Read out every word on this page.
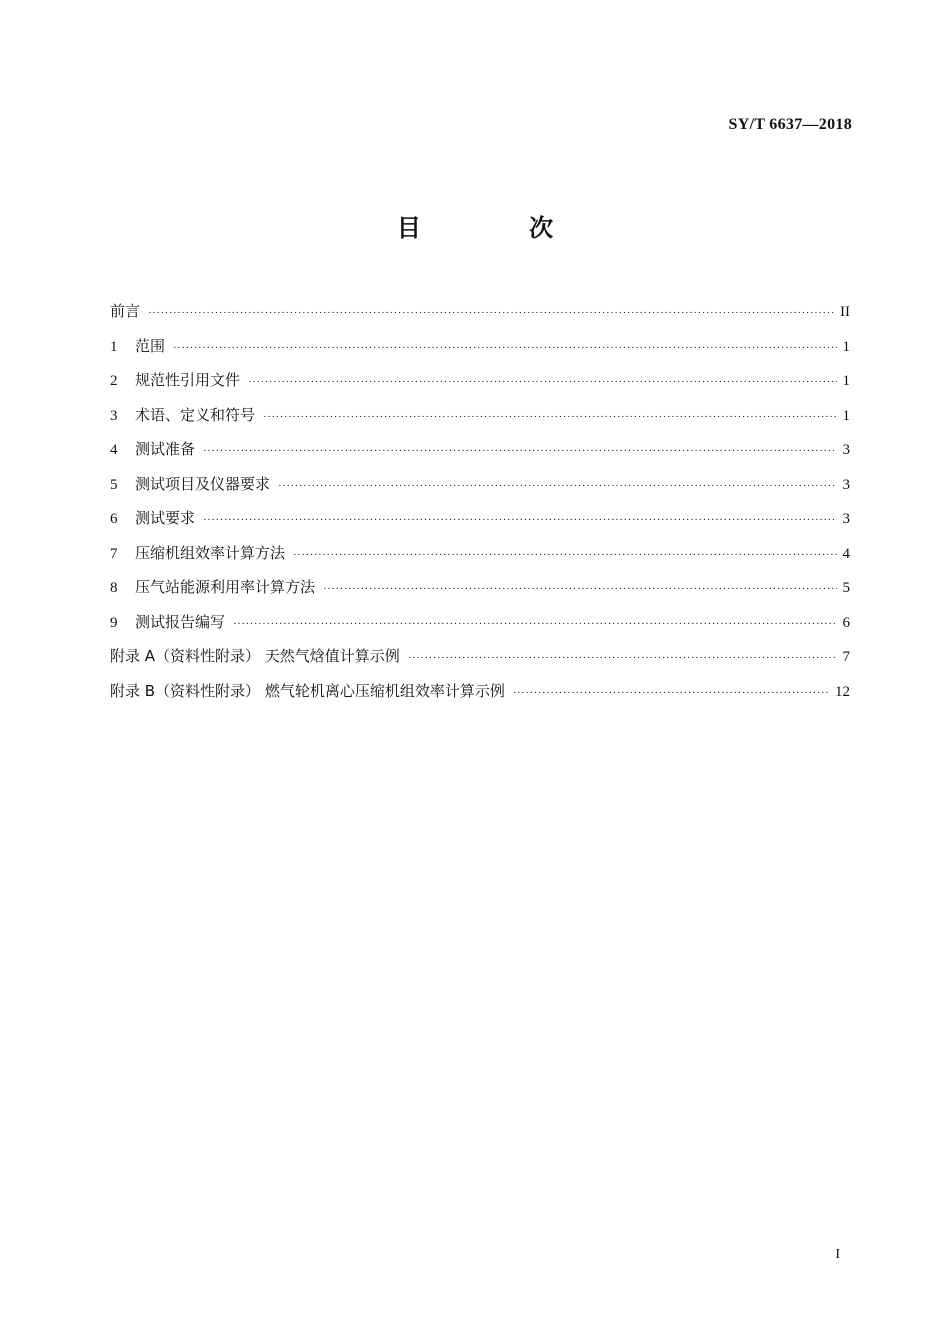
SY/T 6637—2018
目 次
前言 ·····	II
1 范围 ·····	1
2 规范性引用文件 ·····	1
3 术语、定义和符号 ·····	1
4 测试准备 ·····	3
5 测试项目及仪器要求 ·····	3
6 测试要求 ·····	3
7 压缩机组效率计算方法 ·····	4
8 压气站能源利用率计算方法 ·····	5
9 测试报告编写 ·····	6
附录 A（资料性附录） 天然气焓值计算示例 ·····	7
附录 B（资料性附录） 燃气轮机离心压缩机组效率计算示例 ·····	12
I
